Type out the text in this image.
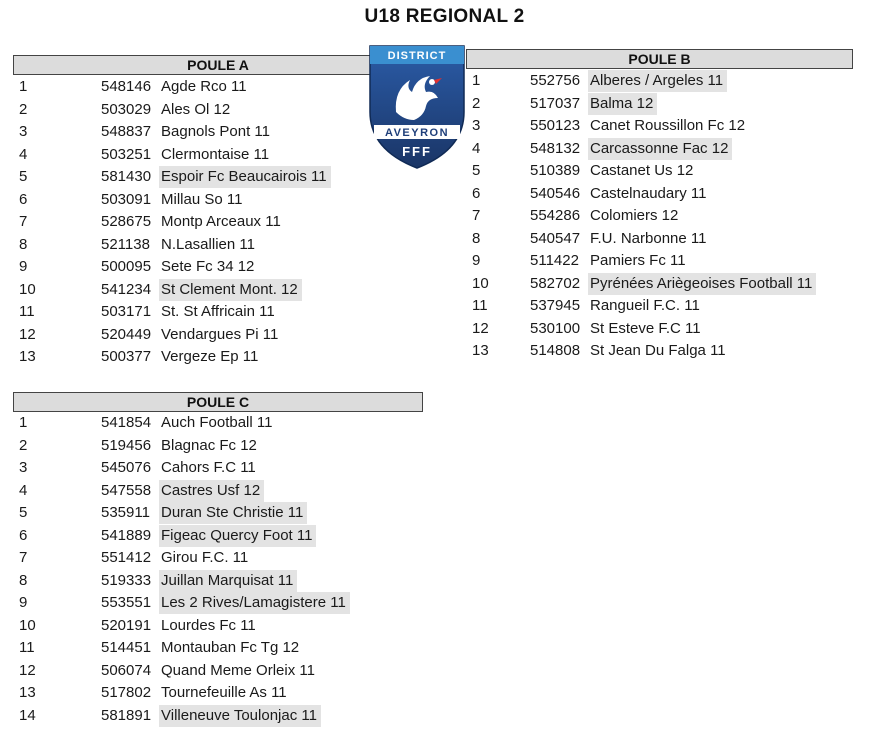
U18 REGIONAL 2
POULE A
1	548146 Agde Rco 11
2	503029 Ales Ol 12
3	548837 Bagnols Pont 11
4	503251 Clermontaise 11
5	581430 Espoir Fc Beaucairois 11
6	503091 Millau So 11
7	528675 Montp Arceaux 11
8	521138 N.Lasallien 11
9	500095 Sete Fc 34 12
10	541234 St Clement Mont. 12
11	503171 St. St Affricain 11
12	520449 Vendargues Pi 11
13	500377 Vergeze Ep 11
POULE B
1	552756 Alberes / Argeles 11
2	517037 Balma 12
3	550123 Canet Roussillon Fc 12
4	548132 Carcassonne Fac 12
5	510389 Castanet Us 12
6	540546 Castelnaudary 11
7	554286 Colomiers 12
8	540547 F.U. Narbonne 11
9	511422 Pamiers Fc 11
10	582702 Pyrénées Ariègeoises Football 11
11	537945 Rangueil F.C. 11
12	530100 St Esteve F.C 11
13	514808 St Jean Du Falga 11
POULE C
1	541854 Auch Football 11
2	519456 Blagnac Fc 12
3	545076 Cahors F.C 11
4	547558 Castres Usf 12
5	535911 Duran Ste Christie 11
6	541889 Figeac Quercy Foot 11
7	551412 Girou F.C. 11
8	519333 Juillan Marquisat 11
9	553551 Les 2 Rives/Lamagistere 11
10	520191 Lourdes Fc 11
11	514451 Montauban Fc Tg 12
12	506074 Quand Meme Orleix 11
13	517802 Tournefeuille As 11
14	581891 Villeneuve Toulonjac 11
DISTRICT
AVEYRON
FFF
